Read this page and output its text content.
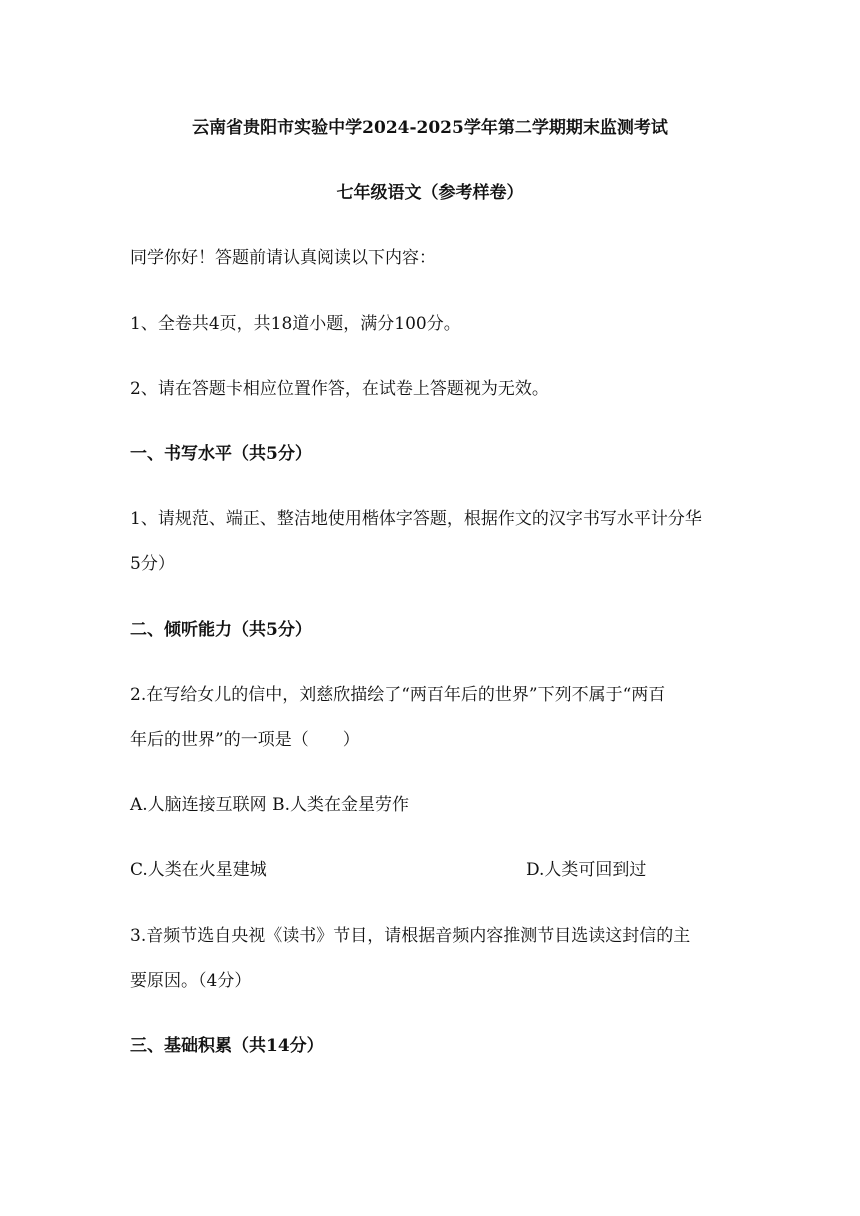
云南省贵阳市实验中学2024-2025学年第二学期期末监测考试
七年级语文（参考样卷）
同学你好！答题前请认真阅读以下内容：
1、全卷共4页，共18道小题，满分100分。
2、请在答题卡相应位置作答，在试卷上答题视为无效。
一、书写水平（共5分）
1、请规范、端正、整洁地使用楷体字答题，根据作文的汉字书写水平计分华
5分）
二、倾听能力（共5分）
2.在写给女儿的信中，刘慈欣描绘了“两百年后的世界”下列不属于“两百
年后的世界”的一项是（　　）
A.人脑连接互联网 B.人类在金星劳作
C.人类在火星建城	D.人类可回到过
3.音频节选自央视《读书》节目，请根据音频内容推测节目选读这封信的主
要原因。（4分）
三、基础积累（共14分）
